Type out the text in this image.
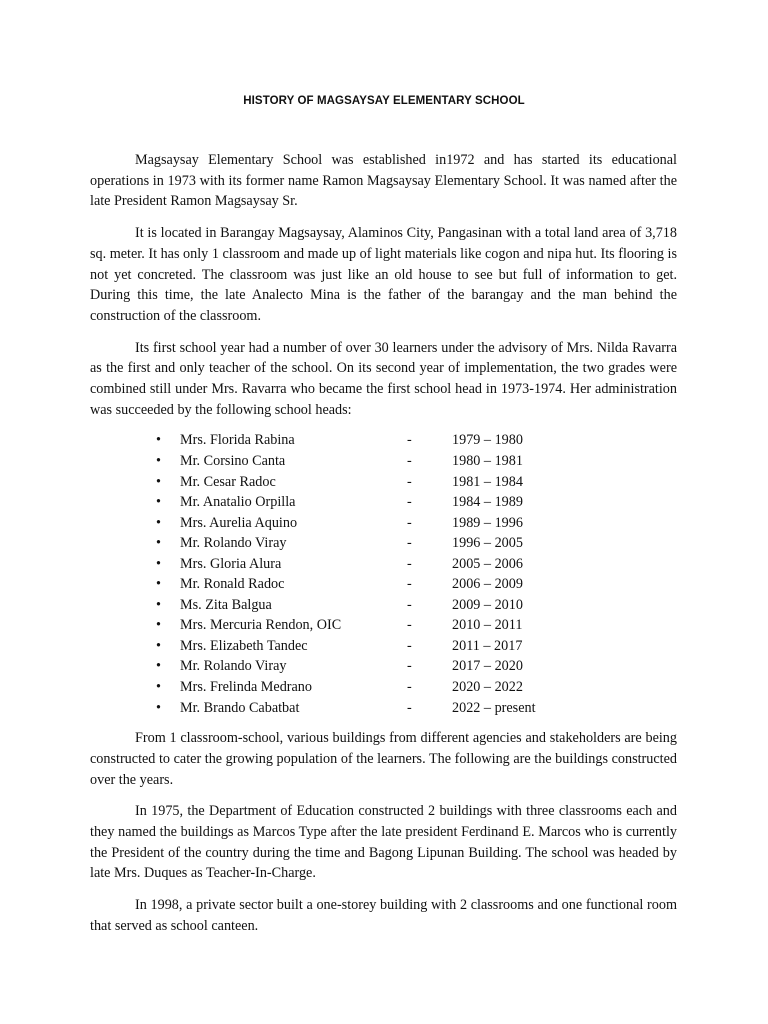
HISTORY OF MAGSAYSAY ELEMENTARY SCHOOL

Magsaysay Elementary School was established in1972 and has started its educational operations in 1973 with its former name Ramon Magsaysay Elementary School. It was named after the late President Ramon Magsaysay Sr.

It is located in Barangay Magsaysay, Alaminos City, Pangasinan with a total land area of 3,718 sq. meter. It has only 1 classroom and made up of light materials like cogon and nipa hut. Its flooring is not yet concreted. The classroom was just like an old house to see but full of information to get. During this time, the late Analecto Mina is the father of the barangay and the man behind the construction of the classroom.

Its first school year had a number of over 30 learners under the advisory of Mrs. Nilda Ravarra as the first and only teacher of the school. On its second year of implementation, the two grades were combined still under Mrs. Ravarra who became the first school head in 1973-1974. Her administration was succeeded by the following school heads:

• Mrs. Florida Rabina	-	1979 – 1980
• Mr. Corsino Canta	-	1980 – 1981
• Mr. Cesar Radoc	-	1981 – 1984
• Mr. Anatalio Orpilla	-	1984 – 1989
• Mrs. Aurelia Aquino	-	1989 – 1996
• Mr. Rolando Viray	-	1996 – 2005
• Mrs. Gloria Alura	-	2005 – 2006
• Mr. Ronald Radoc	-	2006 – 2009
• Ms. Zita Balgua	-	2009 – 2010
• Mrs. Mercuria Rendon, OIC	-	2010 – 2011
• Mrs. Elizabeth Tandec	-	2011 – 2017
• Mr. Rolando Viray	-	2017 – 2020
• Mrs. Frelinda Medrano	-	2020 – 2022
• Mr. Brando Cabatbat	-	2022 – present

From 1 classroom-school, various buildings from different agencies and stakeholders are being constructed to cater the growing population of the learners. The following are the buildings constructed over the years.

In 1975, the Department of Education constructed 2 buildings with three classrooms each and they named the buildings as Marcos Type after the late president Ferdinand E. Marcos who is currently the President of the country during the time and Bagong Lipunan Building. The school was headed by late Mrs. Duques as Teacher-In-Charge.

In 1998, a private sector built a one-storey building with 2 classrooms and one functional room that served as school canteen.
